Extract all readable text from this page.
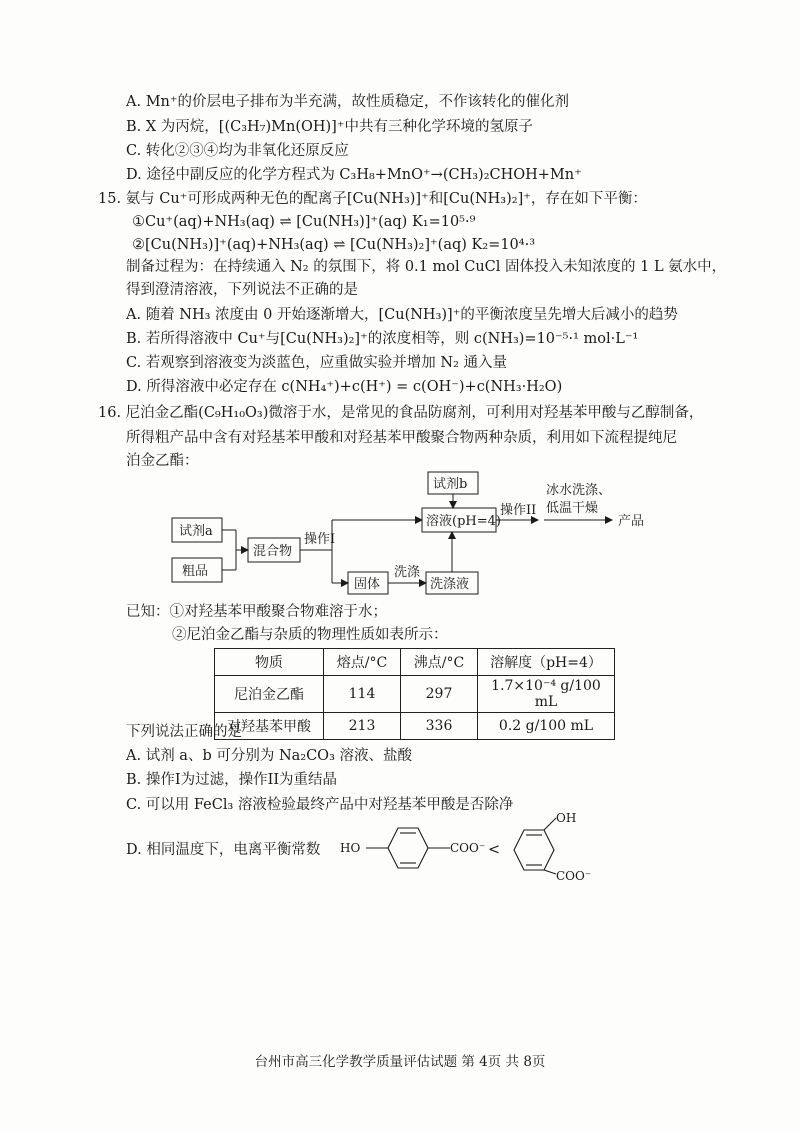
A. Mn⁺的价层电子排布为半充满，故性质稳定，不作该转化的催化剂
B. X 为丙烷，[(C₃H₇)Mn(OH)]⁺中共有三种化学环境的氢原子
C. 转化②③④均为非氧化还原反应
D. 途径中副反应的化学方程式为 C₃H₈+MnO⁺→(CH₃)₂CHOH+Mn⁺
15. 氨与 Cu⁺可形成两种无色的配离子[Cu(NH₃)]⁺和[Cu(NH₃)₂]⁺，存在如下平衡：
①Cu⁺(aq)+NH₃(aq) ⇌ [Cu(NH₃)]⁺(aq) K₁=10⁵·⁹
②[Cu(NH₃)]⁺(aq)+NH₃(aq) ⇌ [Cu(NH₃)₂]⁺(aq) K₂=10⁴·³
制备过程为：在持续通入 N₂ 的氛围下，将 0.1 mol CuCl 固体投入未知浓度的 1 L 氨水中，
得到澄清溶液，下列说法不正确的是
A. 随着 NH₃ 浓度由 0 开始逐渐增大，[Cu(NH₃)]⁺的平衡浓度呈先增大后减小的趋势
B. 若所得溶液中 Cu⁺与[Cu(NH₃)₂]⁺的浓度相等，则 c(NH₃)=10⁻⁵·¹ mol·L⁻¹
C. 若观察到溶液变为淡蓝色，应重做实验并增加 N₂ 通入量
D. 所得溶液中必定存在 c(NH₄⁺)+c(H⁺) = c(OH⁻)+c(NH₃·H₂O)
16. 尼泊金乙酯(C₉H₁₀O₃)微溶于水，是常见的食品防腐剂，可利用对羟基苯甲酸与乙醇制备，
所得粗产品中含有对羟基苯甲酸和对羟基苯甲酸聚合物两种杂质，利用如下流程提纯尼
泊金乙酯：
试剂a
粗品
混合物
操作I
试剂b
溶液(pH=4)
操作II
冰水洗涤、
低温干燥
产品
固体
洗涤
洗涤液
已知：①对羟基苯甲酸聚合物难溶于水；
②尼泊金乙酯与杂质的物理性质如表所示：
物质	熔点/°C	沸点/°C	溶解度（pH=4）
尼泊金乙酯	114	297	1.7×10⁻⁴ g/100 mL
对羟基苯甲酸	213	336	0.2 g/100 mL
下列说法正确的是
A. 试剂 a、b 可分别为 Na₂CO₃ 溶液、盐酸
B. 操作I为过滤，操作II为重结晶
C. 可以用 FeCl₃ 溶液检验最终产品中对羟基苯甲酸是否除净
D. 相同温度下，电离平衡常数 HO	COO⁻ <
OH
COO⁻
台州市高三化学教学质量评估试题 第 4页 共 8页
